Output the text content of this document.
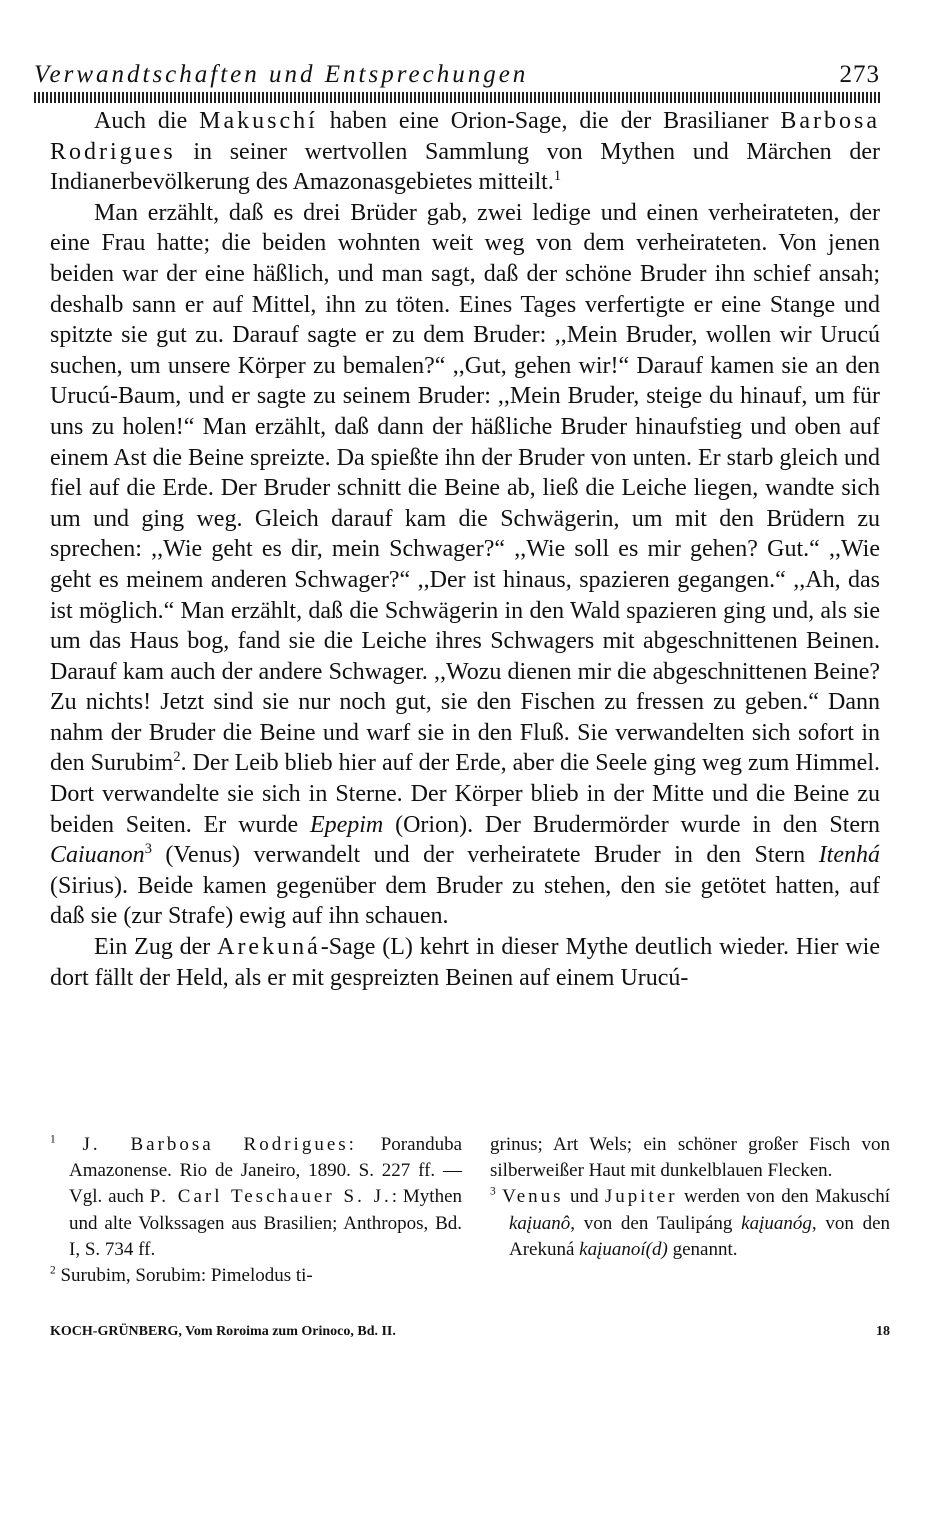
Verwandtschaften und Entsprechungen	273

Auch die Makuschí haben eine Orion-Sage, die der Brasilianer Barbosa Rodrigues in seiner wertvollen Sammlung von Mythen und Märchen der Indianerbevölkerung des Amazonasgebietes mitteilt.$^1$

Man erzählt, daß es drei Brüder gab, zwei ledige und einen verheirateten, der eine Frau hatte; die beiden wohnten weit weg von dem verheirateten. Von jenen beiden war der eine häßlich, und man sagt, daß der schöne Bruder ihn schief ansah; deshalb sann er auf Mittel, ihn zu töten. Eines Tages verfertigte er eine Stange und spitzte sie gut zu. Darauf sagte er zu dem Bruder: ,,Mein Bruder, wollen wir Urucú suchen, um unsere Körper zu bemalen?“ ,,Gut, gehen wir!“ Darauf kamen sie an den Urucú-Baum, und er sagte zu seinem Bruder: ,,Mein Bruder, steige du hinauf, um für uns zu holen!“ Man erzählt, daß dann der häßliche Bruder hinaufstieg und oben auf einem Ast die Beine spreizte. Da spießte ihn der Bruder von unten. Er starb gleich und fiel auf die Erde. Der Bruder schnitt die Beine ab, ließ die Leiche liegen, wandte sich um und ging weg. Gleich darauf kam die Schwägerin, um mit den Brüdern zu sprechen: ,,Wie geht es dir, mein Schwager?“ ,,Wie soll es mir gehen? Gut.“ ,,Wie geht es meinem anderen Schwager?“ ,,Der ist hinaus, spazieren gegangen.“ ,,Ah, das ist möglich.“ Man erzählt, daß die Schwägerin in den Wald spazieren ging und, als sie um das Haus bog, fand sie die Leiche ihres Schwagers mit abgeschnittenen Beinen. Darauf kam auch der andere Schwager. ,,Wozu dienen mir die abgeschnittenen Beine? Zu nichts! Jetzt sind sie nur noch gut, sie den Fischen zu fressen zu geben.“ Dann nahm der Bruder die Beine und warf sie in den Fluß. Sie verwandelten sich sofort in den Surubim$^2$. Der Leib blieb hier auf der Erde, aber die Seele ging weg zum Himmel. Dort verwandelte sie sich in Sterne. Der Körper blieb in der Mitte und die Beine zu beiden Seiten. Er wurde Epepim (Orion). Der Brudermörder wurde in den Stern Caiuanon$^3$ (Venus) verwandelt und der verheiratete Bruder in den Stern Itenhá (Sirius). Beide kamen gegenüber dem Bruder zu stehen, den sie getötet hatten, auf daß sie (zur Strafe) ewig auf ihn schauen.

Ein Zug der Arekuná-Sage (L) kehrt in dieser Mythe deutlich wieder. Hier wie dort fällt der Held, als er mit gespreizten Beinen auf einem Urucú-

$^1$ J. Barbosa Rodrigues: Poranduba Amazonense. Rio de Janeiro, 1890. S. 227 ff. — Vgl. auch P. Carl Teschauer S. J.: Mythen und alte Volkssagen aus Brasilien; Anthropos, Bd. I, S. 734 ff.

$^2$ Surubim, Sorubim: Pimelodus ti-

grinus; Art Wels; ein schöner großer Fisch von silberweißer Haut mit dunkelblauen Flecken.

$^3$ Venus und Jupiter werden von den Makuschí kaįuanô, von den Taulipáng kaįuanóg, von den Arekuná kaįuanoí(d) genannt.

KOCH-GRÜNBERG, Vom Roroima zum Orinoco, Bd. II.	18
